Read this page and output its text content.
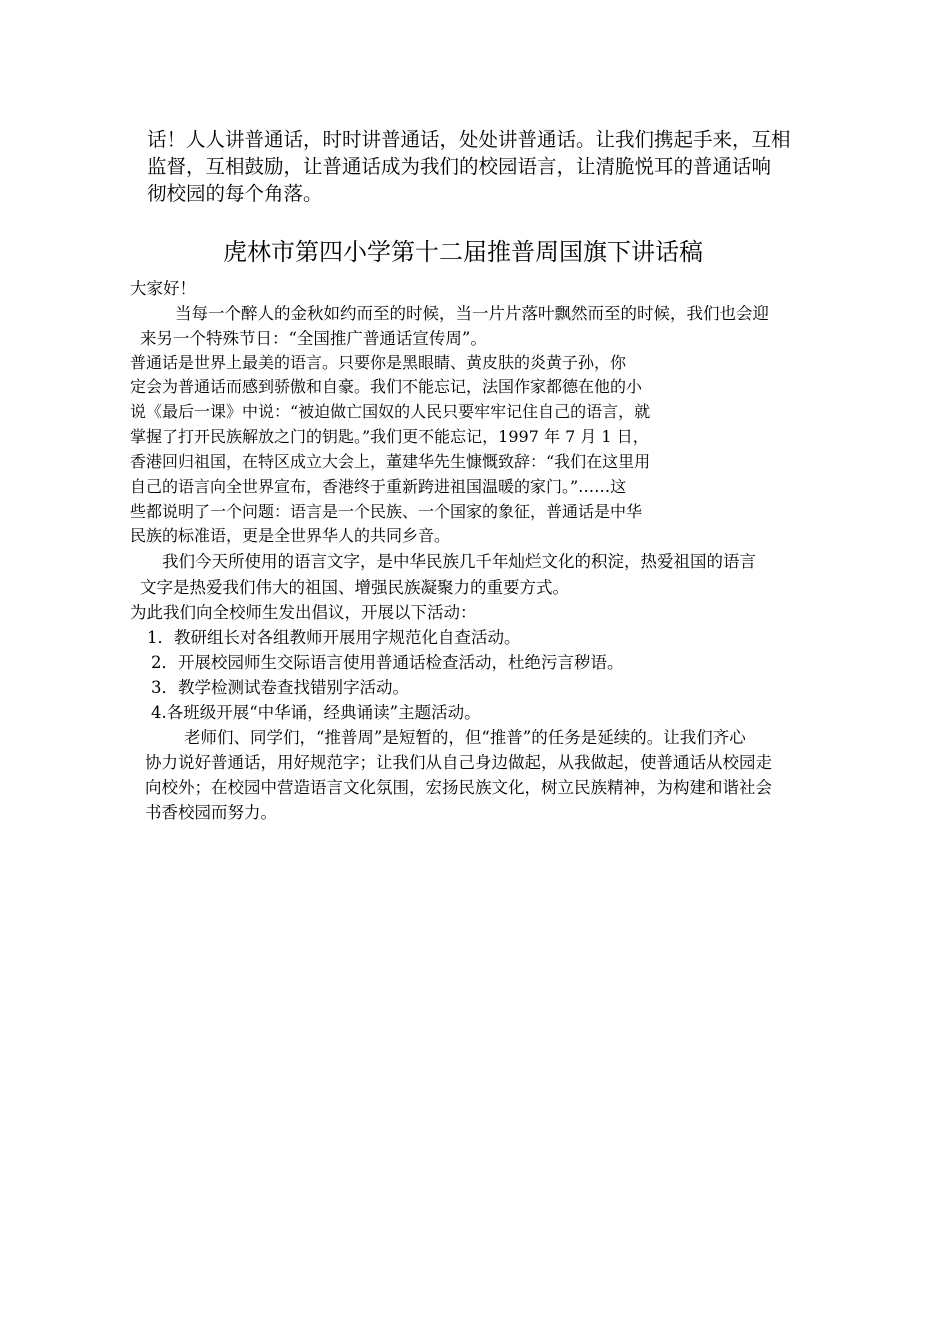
话！人人讲普通话，时时讲普通话，处处讲普通话。让我们携起手来，互相

监督，互相鼓励，让普通话成为我们的校园语言，让清脆悦耳的普通话响

彻校园的每个角落。

虎林市第四小学第十二届推普周国旗下讲话稿

大家好！

当每一个醉人的金秋如约而至的时候，当一片片落叶飘然而至的时候，我们也会迎

来另一个特殊节日：“全国推广普通话宣传周”。

普通话是世界上最美的语言。只要你是黑眼睛、黄皮肤的炎黄子孙，你

定会为普通话而感到骄傲和自豪。我们不能忘记，法国作家都德在他的小

说《最后一课》中说：“被迫做亡国奴的人民只要牢牢记住自己的语言，就

掌握了打开民族解放之门的钥匙。”我们更不能忘记，1997 年 7 月 1 日，

香港回归祖国，在特区成立大会上，董建华先生慷慨致辞：“我们在这里用

自己的语言向全世界宣布，香港终于重新跨进祖国温暖的家门。”……这

些都说明了一个问题：语言是一个民族、一个国家的象征，普通话是中华

民族的标准语，更是全世界华人的共同乡音。

我们今天所使用的语言文字，是中华民族几千年灿烂文化的积淀，热爱祖国的语言

文字是热爱我们伟大的祖国、增强民族凝聚力的重要方式。

为此我们向全校师生发出倡议，开展以下活动：

1．教研组长对各组教师开展用字规范化自查活动。

2．开展校园师生交际语言使用普通话检查活动，杜绝污言秽语。

3．教学检测试卷查找错别字活动。

4.各班级开展“中华诵，经典诵读”主题活动。

老师们、同学们，“推普周”是短暂的，但“推普”的任务是延续的。让我们齐心

协力说好普通话，用好规范字；让我们从自己身边做起，从我做起，使普通话从校园走

向校外；在校园中营造语言文化氛围，宏扬民族文化，树立民族精神，为构建和谐社会

书香校园而努力。
